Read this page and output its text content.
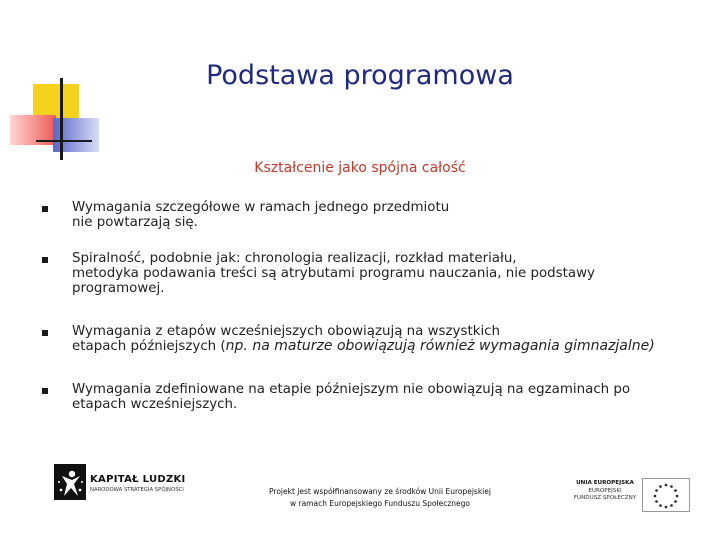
Podstawa programowa
Kształcenie jako spójna całość
Wymagania szczegółowe w ramach jednego przedmiotu
nie powtarzają się.
Spiralność, podobnie jak: chronologia realizacji, rozkład materiału,
metodyka podawania treści są atrybutami programu nauczania, nie podstawy
programowej.
Wymagania z etapów wcześniejszych obowiązują na wszystkich
etapach późniejszych (np. na maturze obowiązują również wymagania gimnazjalne)
Wymagania zdefiniowane na etapie późniejszym nie obowiązują na egzaminach po
etapach wcześniejszych.
KAPITAŁ LUDZKI
NARODOWA STRATEGIA SPÓJNOŚCI	Projekt jest współfinansowany ze środków Unii Europejskiej
w ramach Europejskiego Funduszu Społecznego
UNIA EUROPEJSKA
EUROPEJSKI
FUNDUSZ SPOŁECZNY
